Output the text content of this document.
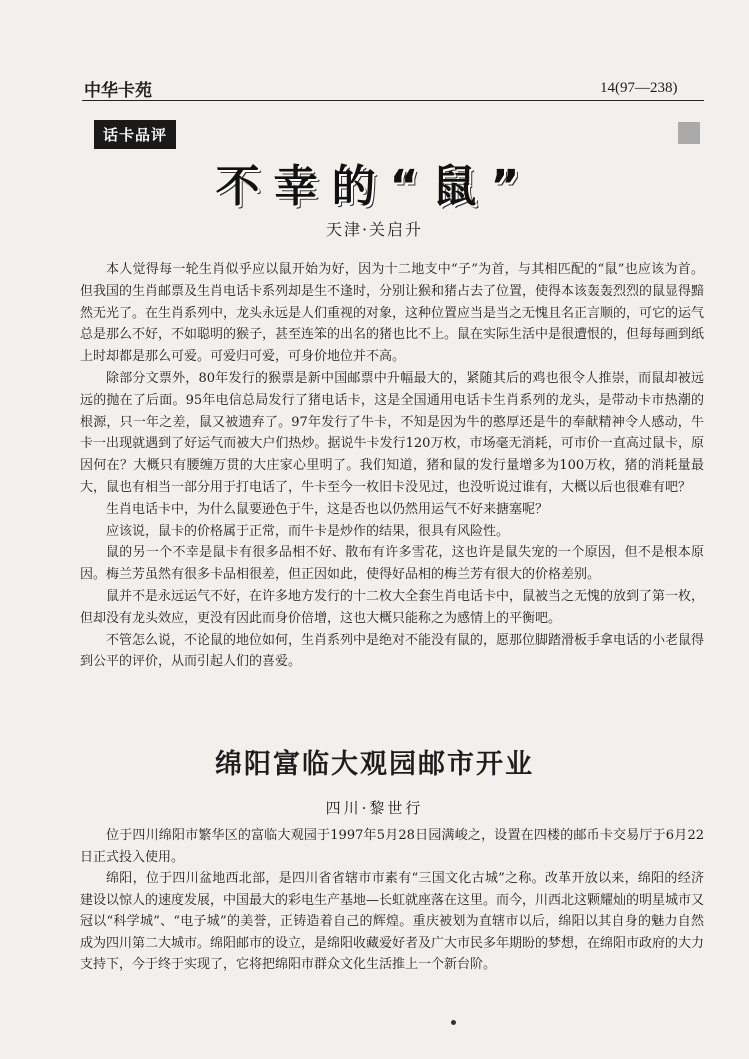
中华卡苑	14(97—238)
话卡品评
不幸的“鼠”
天津·关启升

本人觉得每一轮生肖似乎应以鼠开始为好，因为十二地支中“子”为首，与其相匹配的“鼠”也应该为首。但我国的生肖邮票及生肖电话卡系列却是生不逢时，分别让猴和猪占去了位置，使得本该轰轰烈烈的鼠显得黯然无光了。在生肖系列中，龙头永远是人们重视的对象，这种位置应当是当之无愧且名正言顺的，可它的运气总是那么不好，不如聪明的猴子，甚至连笨的出名的猪也比不上。鼠在实际生活中是很遭恨的，但每每画到纸上时却都是那么可爱。可爱归可爱，可身价地位并不高。

除部分文票外，80年发行的猴票是新中国邮票中升幅最大的，紧随其后的鸡也很令人推崇，而鼠却被远远的抛在了后面。95年电信总局发行了猪电话卡，这是全国通用电话卡生肖系列的龙头，是带动卡市热潮的根源，只一年之差，鼠又被遗弃了。97年发行了牛卡，不知是因为牛的憨厚还是牛的奉献精神令人感动，牛卡一出现就遇到了好运气而被大户们热炒。据说牛卡发行120万枚，市场毫无消耗，可市价一直高过鼠卡，原因何在？大概只有腰缠万贯的大庄家心里明了。我们知道，猪和鼠的发行量增多为100万枚，猪的消耗量最大，鼠也有相当一部分用于打电话了，牛卡至今一枚旧卡没见过，也没听说过谁有，大概以后也很难有吧？

生肖电话卡中，为什么鼠要逊色于牛，这是否也以仍然用运气不好来搪塞呢？

应该说，鼠卡的价格属于正常，而牛卡是炒作的结果，很具有风险性。

鼠的另一个不幸是鼠卡有很多品相不好、散布有许多雪花，这也许是鼠失宠的一个原因，但不是根本原因。梅兰芳虽然有很多卡品相很差，但正因如此，使得好品相的梅兰芳有很大的价格差别。

鼠并不是永远运气不好，在许多地方发行的十二枚大全套生肖电话卡中，鼠被当之无愧的放到了第一枚，但却没有龙头效应，更没有因此而身价倍增，这也大概只能称之为感情上的平衡吧。

不管怎么说，不论鼠的地位如何，生肖系列中是绝对不能没有鼠的，愿那位脚踏滑板手拿电话的小老鼠得到公平的评价，从而引起人们的喜爱。

绵阳富临大观园邮市开业
四川·黎世行

位于四川绵阳市繁华区的富临大观园于1997年5月28日园满峻之，设置在四楼的邮币卡交易厅于6月22日正式投入使用。

绵阳，位于四川盆地西北部，是四川省省辖市市素有“三国文化古城”之称。改革开放以来，绵阳的经济建设以惊人的速度发展，中国最大的彩电生产基地—长虹就座落在这里。而今，川西北这颗耀灿的明星城市又冠以“科学城”、“电子城”的美誉，正铸造着自己的辉煌。重庆被划为直辖市以后，绵阳以其自身的魅力自然成为四川第二大城市。绵阳邮市的设立，是绵阳收藏爱好者及广大市民多年期盼的梦想，在绵阳市政府的大力支持下，今于终于实现了，它将把绵阳市群众文化生活推上一个新台阶。
